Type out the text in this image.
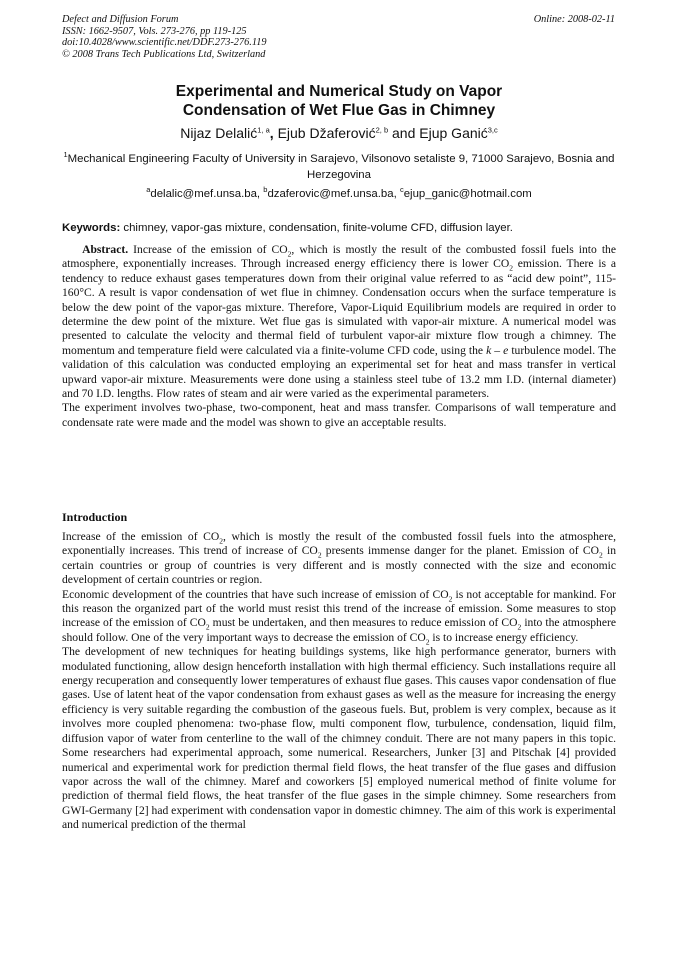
Defect and Diffusion Forum
ISSN: 1662-9507, Vols. 273-276, pp 119-125
doi:10.4028/www.scientific.net/DDF.273-276.119
© 2008 Trans Tech Publications Ltd, Switzerland
Online: 2008-02-11
Experimental and Numerical Study on Vapor
Condensation of Wet Flue Gas in Chimney
Nijaz Delalić$^{1, a}$, Ejub Džaferović$^{2, b}$ and Ejup Ganić$^{3,c}$
$^1$Mechanical Engineering Faculty of University in Sarajevo, Vilsonovo setaliste 9, 71000 Sarajevo, Bosnia and Herzegovina
$^a$delalic@mef.unsa.ba, $^b$dzaferovic@mef.unsa.ba, $^c$ejup_ganic@hotmail.com
Keywords: chimney, vapor-gas mixture, condensation, finite-volume CFD, diffusion layer.

Abstract. Increase of the emission of $CO_2$, which is mostly the result of the combusted fossil fuels into the atmosphere, exponentially increases. Through increased energy efficiency there is lower $CO_2$ emission. There is a tendency to reduce exhaust gases temperatures down from their original value referred to as “acid dew point”, 115-160°C. A result is vapor condensation of wet flue in chimney. Condensation occurs when the surface temperature is below the dew point of the vapor-gas mixture. Therefore, Vapor-Liquid Equilibrium models are required in order to determine the dew point of the mixture. Wet flue gas is simulated with vapor-air mixture. A numerical model was presented to calculate the velocity and thermal field of turbulent vapor-air mixture flow trough a chimney. The momentum and temperature field were calculated via a finite-volume CFD code, using the k – e turbulence model. The validation of this calculation was conducted employing an experimental set for heat and mass transfer in vertical upward vapor-air mixture. Measurements were done using a stainless steel tube of 13.2 mm I.D. (internal diameter) and 70 I.D. lengths. Flow rates of steam and air were varied as the experimental parameters.

The experiment involves two-phase, two-component, heat and mass transfer. Comparisons of wall temperature and condensate rate were made and the model was shown to give an acceptable results.

Introduction

Increase of the emission of $CO_2$, which is mostly the result of the combusted fossil fuels into the atmosphere, exponentially increases. This trend of increase of $CO_2$ presents immense danger for the planet. Emission of $CO_2$ in certain countries or group of countries is very different and is mostly connected with the size and economic development of certain countries or region.

Economic development of the countries that have such increase of emission of $CO_2$ is not acceptable for mankind. For this reason the organized part of the world must resist this trend of the increase of emission. Some measures to stop increase of the emission of $CO_2$ must be undertaken, and then measures to reduce emission of $CO_2$ into the atmosphere should follow. One of the very important ways to decrease the emission of $CO_2$ is to increase energy efficiency.

The development of new techniques for heating buildings systems, like high performance generator, burners with modulated functioning, allow design henceforth installation with high thermal efficiency. Such installations require all energy recuperation and consequently lower temperatures of exhaust flue gases. This causes vapor condensation of flue gases. Use of latent heat of the vapor condensation from exhaust gases as well as the measure for increasing the energy efficiency is very suitable regarding the combustion of the gaseous fuels. But, problem is very complex, because as it involves more coupled phenomena: two-phase flow, multi component flow, turbulence, condensation, liquid film, diffusion vapor of water from centerline to the wall of the chimney conduit. There are not many papers in this topic. Some researchers had experimental approach, some numerical. Researchers, Junker [3] and Pitschak [4] provided numerical and experimental work for prediction thermal field flows, the heat transfer of the flue gases and diffusion vapor across the wall of the chimney. Maref and coworkers [5] employed numerical method of finite volume for prediction of thermal field flows, the heat transfer of the flue gases in the simple chimney. Some researchers from GWI-Germany [2] had experiment with condensation vapor in domestic chimney. The aim of this work is experimental and numerical prediction of the thermal
